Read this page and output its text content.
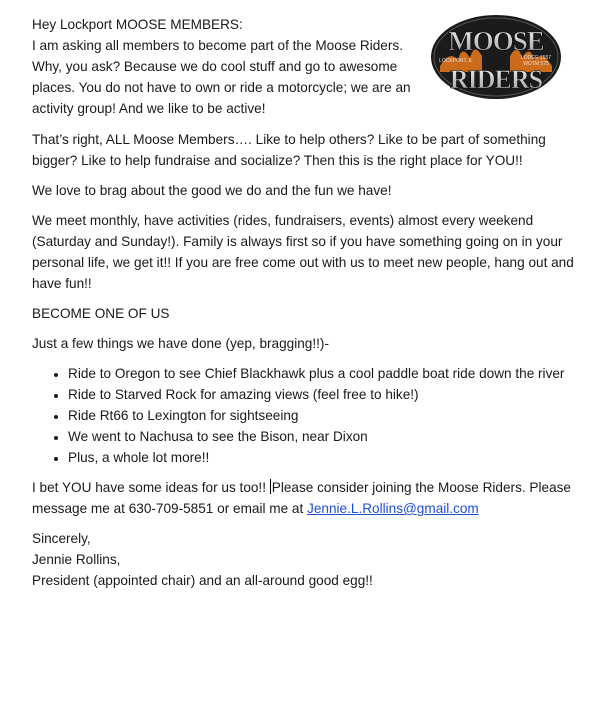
Hey Lockport MOOSE MEMBERS:
I am asking all members to become part of the Moose Riders. Why, you ask? Because we do cool stuff and go to awesome places. You do not have to own or ride a motorcycle; we are an activity group! And we like to be active!

That’s right, ALL Moose Members…. Like to help others? Like to be part of something bigger? Like to help fundraise and socialize? Then this is the right place for YOU!!

We love to brag about the good we do and the fun we have!

We meet monthly, have activities (rides, fundraisers, events) almost every weekend (Saturday and Sunday!). Family is always first so if you have something going on in your personal life, we get it!! If you are free come out with us to meet new people, hang out and have fun!!

BECOME ONE OF US

Just a few things we have done (yep, bragging!!)-

• Ride to Oregon to see Chief Blackhawk plus a cool paddle boat ride down the river
• Ride to Starved Rock for amazing views (feel free to hike!)
• Ride Rt66 to Lexington for sightseeing
• We went to Nachusa to see the Bison, near Dixon
• Plus, a whole lot more!!

I bet YOU have some ideas for us too!! Please consider joining the Moose Riders. Please message me at 630-709-5851 or email me at Jennie.L.Rollins@gmail.com

Sincerely,
Jennie Rollins,
President (appointed chair) and an all-around good egg!!
MOOSE
LOCKPORT, IL	LODGE 1557
WOTM 575
RIDERS
